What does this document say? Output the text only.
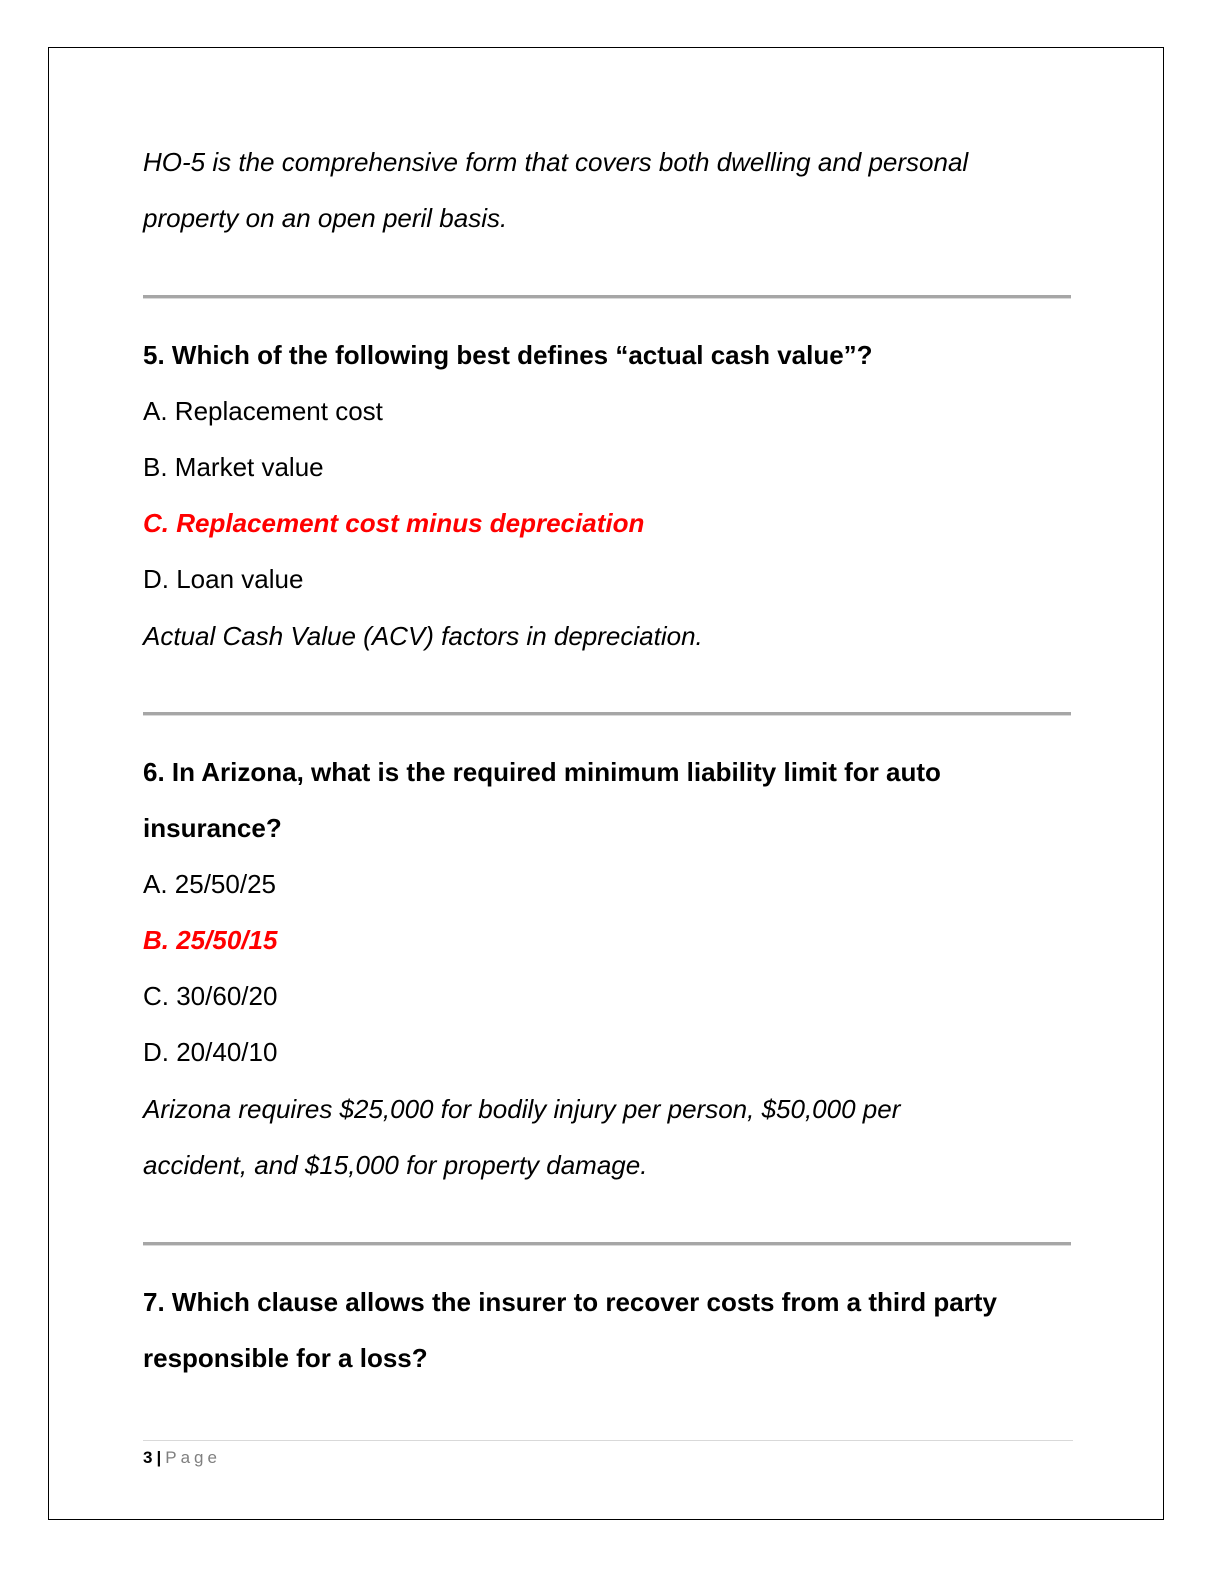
HO-5 is the comprehensive form that covers both dwelling and personal
property on an open peril basis.
5. Which of the following best defines “actual cash value”?
A. Replacement cost
B. Market value
C. Replacement cost minus depreciation
D. Loan value
Actual Cash Value (ACV) factors in depreciation.
6. In Arizona, what is the required minimum liability limit for auto
insurance?
A. 25/50/25
B. 25/50/15
C. 30/60/20
D. 20/40/10
Arizona requires $25,000 for bodily injury per person, $50,000 per
accident, and $15,000 for property damage.
7. Which clause allows the insurer to recover costs from a third party
responsible for a loss?
3 | Page
